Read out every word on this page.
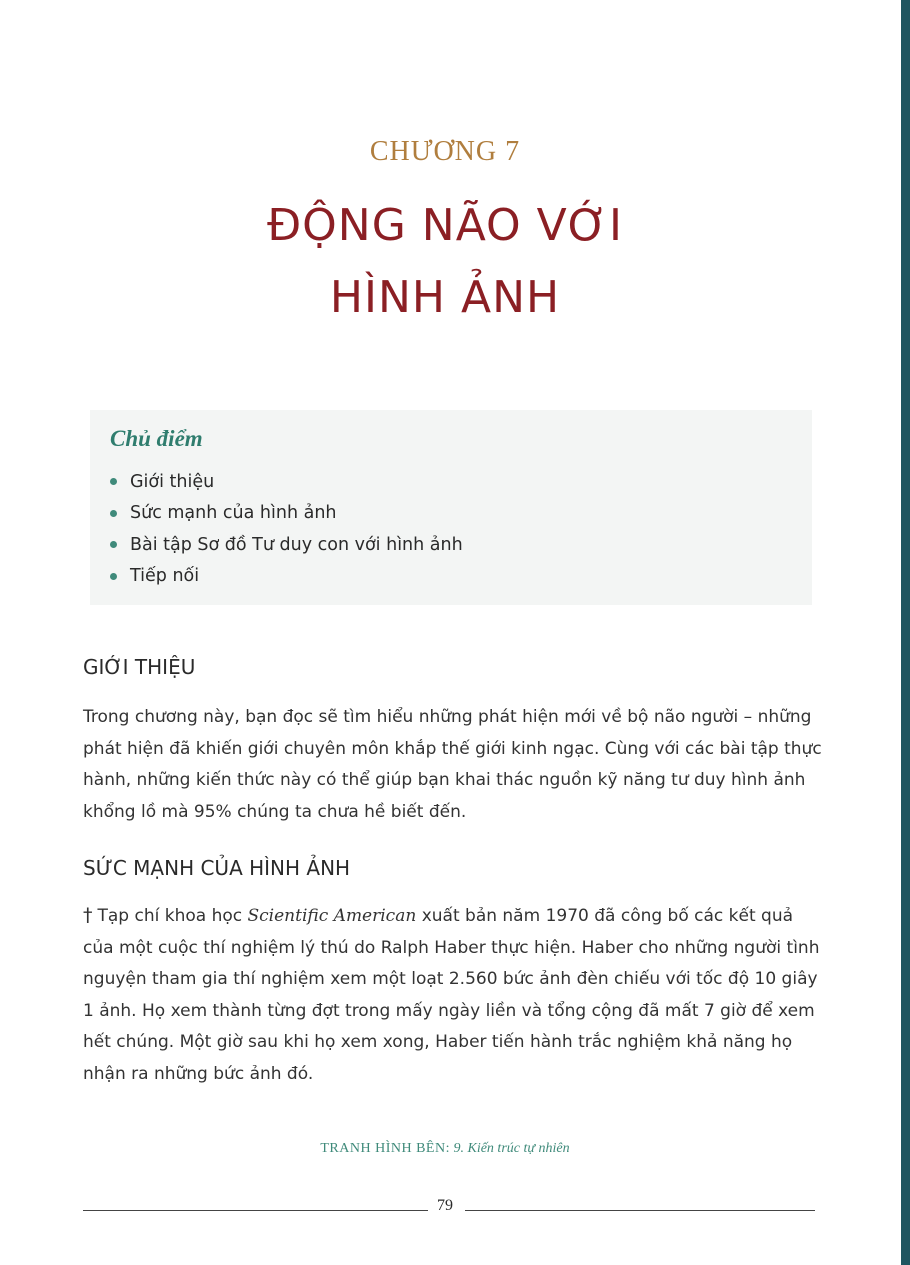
CHƯƠNG 7
ĐỘNG NÃO VỚI
HÌNH ẢNH
Chủ điểm
Giới thiệu
Sức mạnh của hình ảnh
Bài tập Sơ đồ Tư duy con với hình ảnh
Tiếp nối
GIỚI THIỆU

Trong chương này, bạn đọc sẽ tìm hiểu những phát hiện mới về bộ não người – những phát hiện đã khiến giới chuyên môn khắp thế giới kinh ngạc. Cùng với các bài tập thực hành, những kiến thức này có thể giúp bạn khai thác nguồn kỹ năng tư duy hình ảnh khổng lồ mà 95% chúng ta chưa hề biết đến.

SỨC MẠNH CỦA HÌNH ẢNH

† Tạp chí khoa học Scientific American xuất bản năm 1970 đã công bố các kết quả của một cuộc thí nghiệm lý thú do Ralph Haber thực hiện. Haber cho những người tình nguyện tham gia thí nghiệm xem một loạt 2.560 bức ảnh đèn chiếu với tốc độ 10 giây 1 ảnh. Họ xem thành từng đợt trong mấy ngày liền và tổng cộng đã mất 7 giờ để xem hết chúng. Một giờ sau khi họ xem xong, Haber tiến hành trắc nghiệm khả năng họ nhận ra những bức ảnh đó.

TRANH HÌNH BÊN: 9. Kiến trúc tự nhiên
79
